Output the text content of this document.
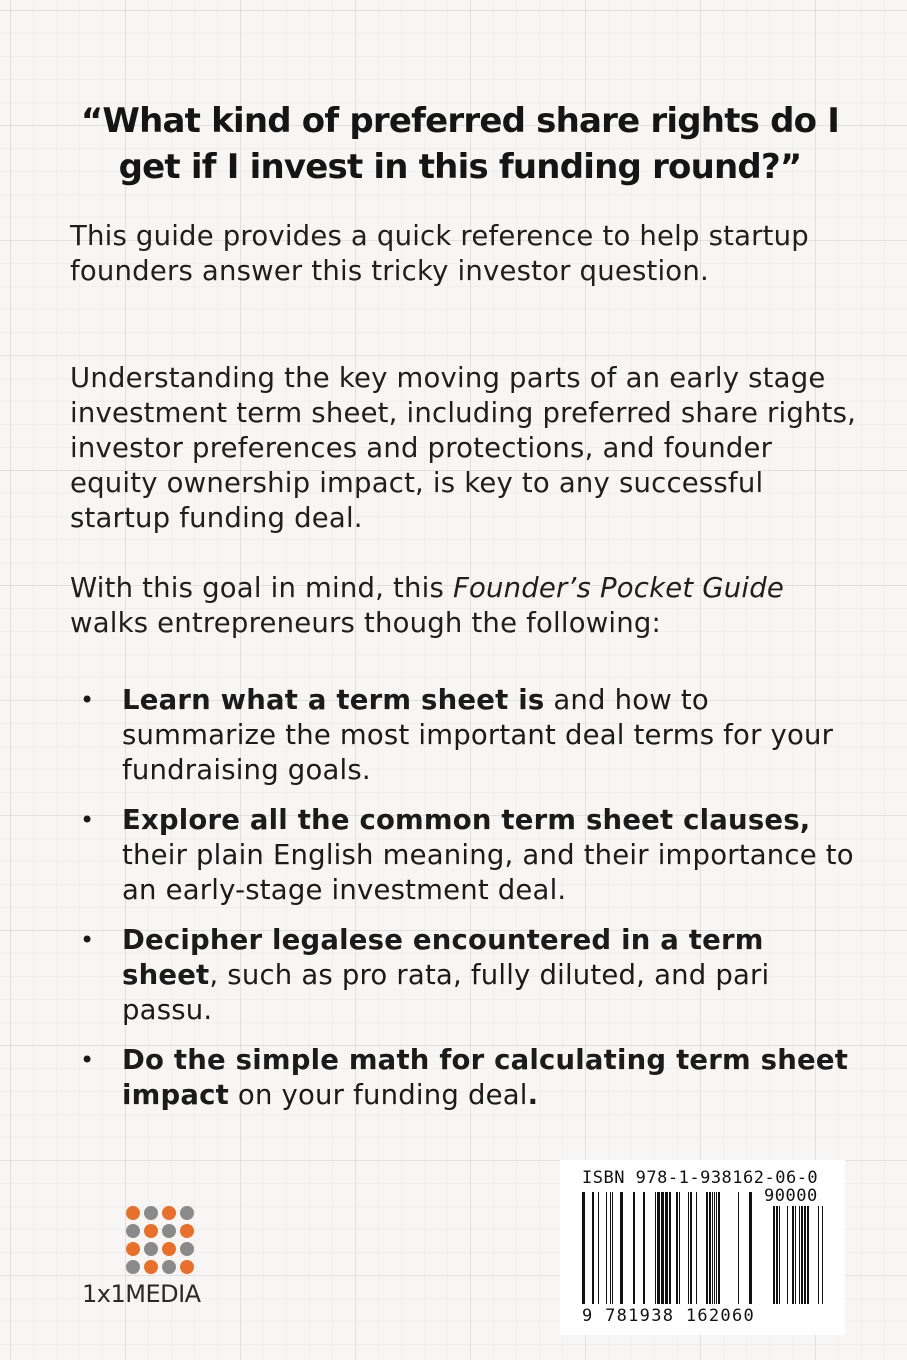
“What kind of preferred share rights do I
get if I invest in this funding round?”
This guide provides a quick reference to help startup founders answer this tricky investor question.
Understanding the key moving parts of an early stage investment term sheet, including preferred share rights, investor preferences and protections, and founder equity ownership impact, is key to any successful startup funding deal.
With this goal in mind, this Founder’s Pocket Guide walks entrepreneurs though the following:
• Learn what a term sheet is and how to summarize the most important deal terms for your fundraising goals.
• Explore all the common term sheet clauses, their plain English meaning, and their importance to an early-stage investment deal.
• Decipher legalese encountered in a term sheet, such as pro rata, fully diluted, and pari passu.
• Do the simple math for calculating term sheet impact on your funding deal.
1x1MEDIA
ISBN 978-1-938162-06-0
90000
9 781938 162060
